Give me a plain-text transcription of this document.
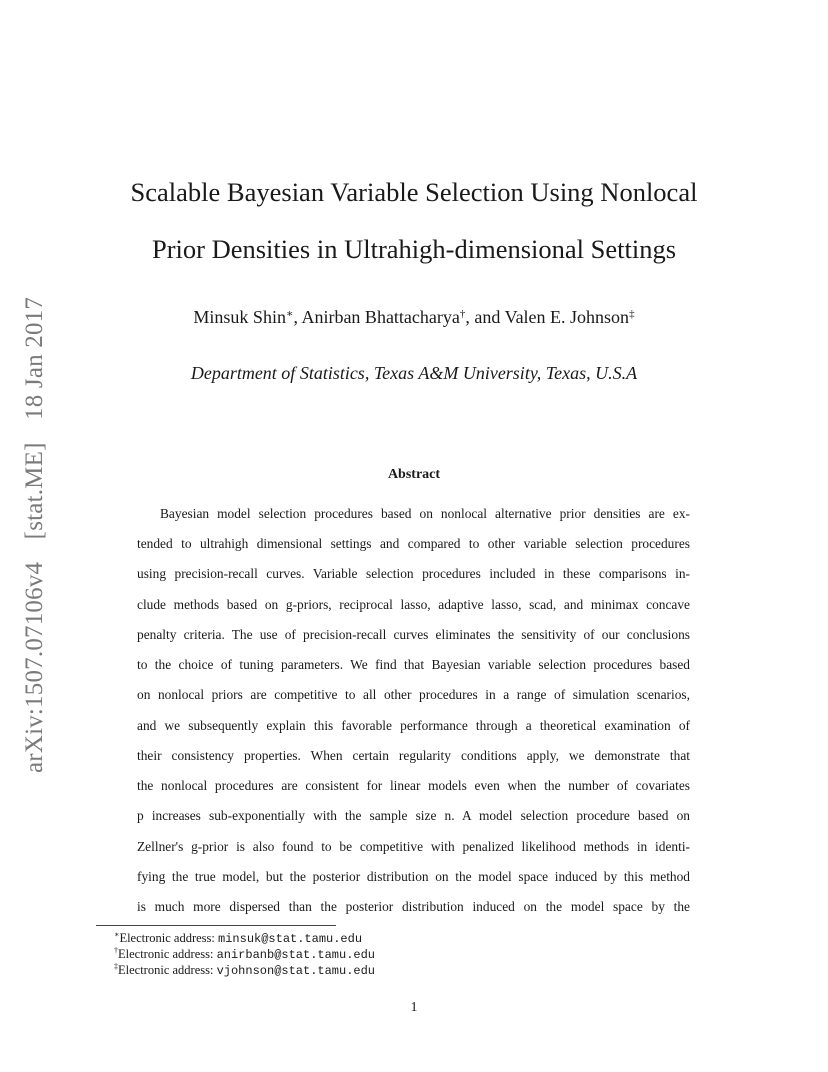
arXiv:1507.07106v4 [stat.ME] 18 Jan 2017
Scalable Bayesian Variable Selection Using Nonlocal
Prior Densities in Ultrahigh-dimensional Settings
Minsuk Shin∗, Anirban Bhattacharya†, and Valen E. Johnson‡
Department of Statistics, Texas A&M University, Texas, U.S.A
Abstract
Bayesian model selection procedures based on nonlocal alternative prior densities are ex-
tended to ultrahigh dimensional settings and compared to other variable selection procedures
using precision-recall curves. Variable selection procedures included in these comparisons in-
clude methods based on g-priors, reciprocal lasso, adaptive lasso, scad, and minimax concave
penalty criteria. The use of precision-recall curves eliminates the sensitivity of our conclusions
to the choice of tuning parameters. We find that Bayesian variable selection procedures based
on nonlocal priors are competitive to all other procedures in a range of simulation scenarios,
and we subsequently explain this favorable performance through a theoretical examination of
their consistency properties. When certain regularity conditions apply, we demonstrate that
the nonlocal procedures are consistent for linear models even when the number of covariates
p increases sub-exponentially with the sample size n. A model selection procedure based on
Zellner's g-prior is also found to be competitive with penalized likelihood methods in identi-
fying the true model, but the posterior distribution on the model space induced by this method
is much more dispersed than the posterior distribution induced on the model space by the
∗Electronic address: minsuk@stat.tamu.edu
†Electronic address: anirbanb@stat.tamu.edu
‡Electronic address: vjohnson@stat.tamu.edu
1
